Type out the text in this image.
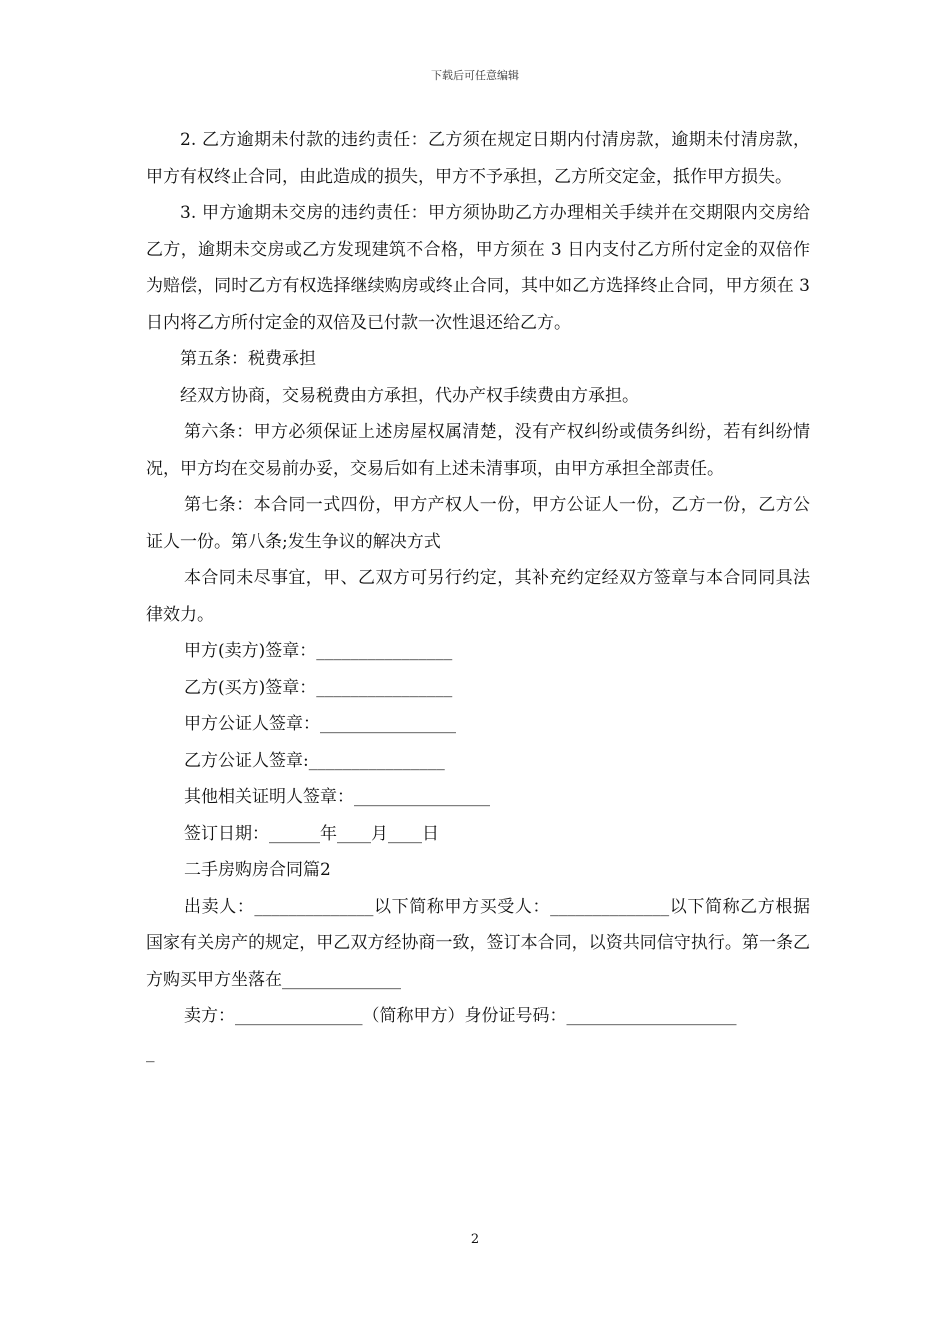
下载后可任意编辑

2. 乙方逾期未付款的违约责任：乙方须在规定日期内付清房款，逾期未付清房款，甲方有权终止合同，由此造成的损失，甲方不予承担，乙方所交定金，抵作甲方损失。

3. 甲方逾期未交房的违约责任：甲方须协助乙方办理相关手续并在交期限内交房给乙方，逾期未交房或乙方发现建筑不合格，甲方须在 3 日内支付乙方所付定金的双倍作为赔偿，同时乙方有权选择继续购房或终止合同，其中如乙方选择终止合同，甲方须在 3 日内将乙方所付定金的双倍及已付款一次性退还给乙方。

第五条：税费承担

经双方协商，交易税费由方承担，代办产权手续费由方承担。

第六条：甲方必须保证上述房屋权属清楚，没有产权纠纷或债务纠纷，若有纠纷情况，甲方均在交易前办妥，交易后如有上述未清事项，由甲方承担全部责任。

第七条：本合同一式四份，甲方产权人一份，甲方公证人一份，乙方一份，乙方公证人一份。第八条;发生争议的解决方式

本合同未尽事宜，甲、乙双方可另行约定，其补充约定经双方签章与本合同同具法律效力。

甲方(卖方)签章：________________

乙方(买方)签章：________________

甲方公证人签章：________________

乙方公证人签章:________________

其他相关证明人签章：________________

签订日期：______年____月____日

二手房购房合同篇2

出卖人：______________以下简称甲方买受人：______________以下简称乙方根据国家有关房产的规定，甲乙双方经协商一致，签订本合同，以资共同信守执行。第一条乙方购买甲方坐落在______________

卖方：_______________（简称甲方）身份证号码：____________________

_

2
